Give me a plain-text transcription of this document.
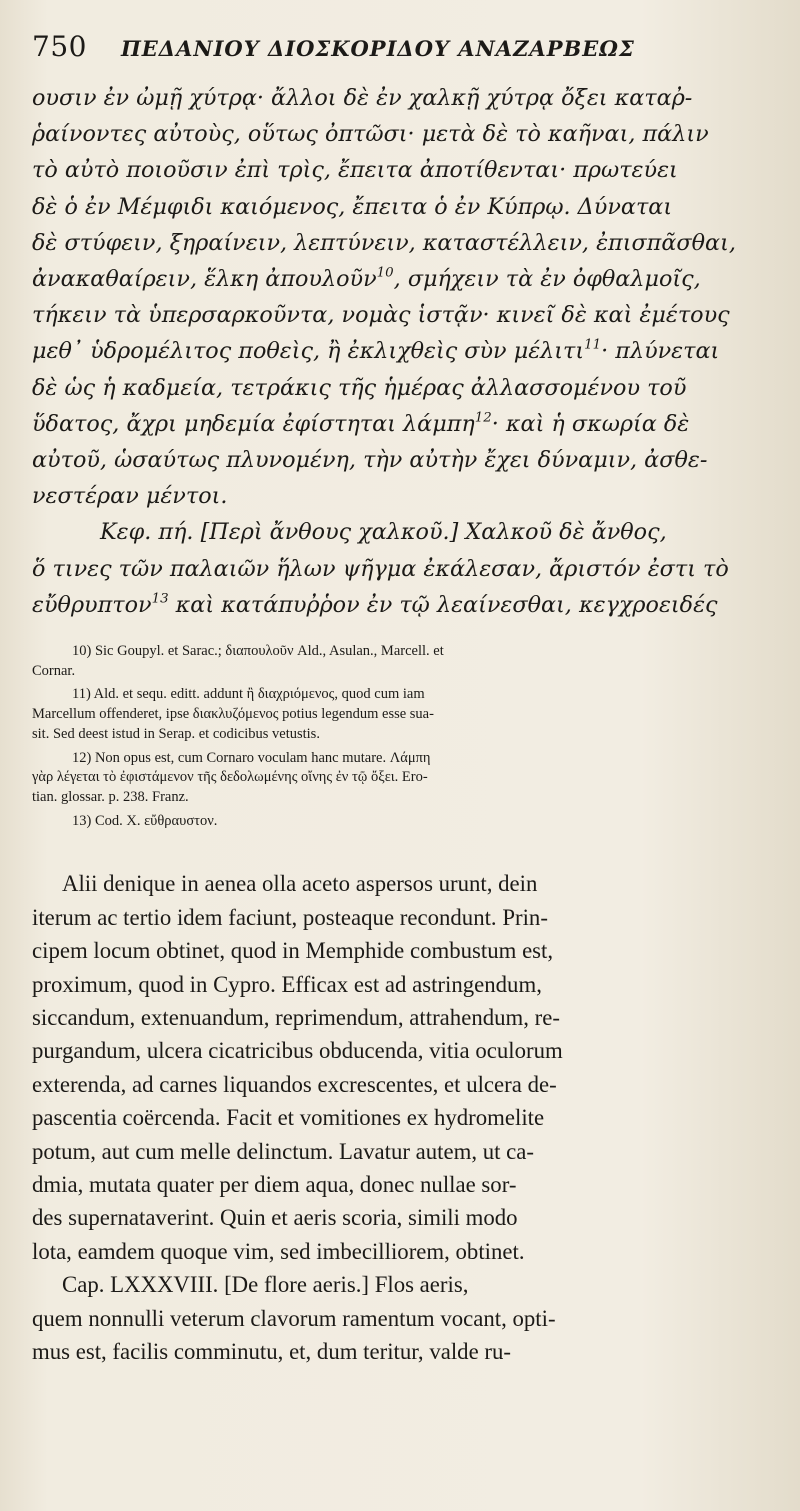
750 ΠΕΔΑΝΙΟΥ ΔΙΟΣΚΟΡΙΔΟΥ ΑΝΑΖΑΡΒΕΩΣ
ουσιν ἐν ὠμῇ χύτρᾳ· ἄλλοι δὲ ἐν χαλκῇ χύτρᾳ ὄξει καταῤ-
ῥαίνοντες αὐτοὺς, οὕτως ὀπτῶσι· μετὰ δὲ τὸ καῆναι, πάλιν
τὸ αὐτὸ ποιοῦσιν ἐπὶ τρὶς, ἔπειτα ἀποτίθενται· πρωτεύει
δὲ ὁ ἐν Μέμφιδι καιόμενος, ἔπειτα ὁ ἐν Κύπρῳ. Δύναται
δὲ στύφειν, ξηραίνειν, λεπτύνειν, καταστέλλειν, ἐπισπᾶσθαι,
ἀνακαθαίρειν, ἕλκη ἀπουλοῦν$^{10}$, σμήχειν τὰ ἐν ὀφθαλμοῖς,
τήκειν τὰ ὑπερσαρκοῦντα, νομὰς ἱστᾷν· κινεῖ δὲ καὶ ἐμέτους
μεθ᾽ ὑδρομέλιτος ποθεὶς, ἢ ἐκλιχθεὶς σὺν μέλιτι$^{11}$· πλύνεται
δὲ ὡς ἡ καδμεία, τετράκις τῆς ἡμέρας ἀλλασσομένου τοῦ
ὕδατος, ἄχρι μηδεμία ἐφίστηται λάμπη$^{12}$· καὶ ἡ σκωρία δὲ
αὐτοῦ, ὡσαύτως πλυνομένη, τὴν αὐτὴν ἔχει δύναμιν, ἀσθε-
νεστέραν μέντοι.
Κεφ. πή. [Περὶ ἄνθους χαλκοῦ.] Χαλκοῦ δὲ ἄνθος,
ὅ τινες τῶν παλαιῶν ἥλων ψῆγμα ἐκάλεσαν, ἄριστόν ἐστι τὸ
εὔθρυπτον$^{13}$ καὶ κατάπυῤῥον ἐν τῷ λεαίνεσθαι, κεγχροειδές
10) Sic Goupyl. et Sarac.; διαπουλοῦν Ald., Asulan., Marcell. et
Cornar.
11) Ald. et sequ. editt. addunt ἢ διαχριόμενος, quod cum iam
Marcellum offenderet, ipse διακλυζόμενος potius legendum esse sua-
sit. Sed deest istud in Serap. et codicibus vetustis.
12) Non opus est, cum Cornaro voculam hanc mutare. Λάμπη
γὰρ λέγεται τὸ ἐφιστάμενον τῆς δεδολωμένης οἴνης ἐν τῷ ὄξει. Ero-
tian. glossar. p. 238. Franz.
13) Cod. X. εὔθραυστον.
Alii denique in aenea olla aceto aspersos urunt, dein
iterum ac tertio idem faciunt, posteaque recondunt. Prin-
cipem locum obtinet, quod in Memphide combustum est,
proximum, quod in Cypro. Efficax est ad astringendum,
siccandum, extenuandum, reprimendum, attrahendum, re-
purgandum, ulcera cicatricibus obducenda, vitia oculorum
exterenda, ad carnes liquandos excrescentes, et ulcera de-
pascentia coërcenda. Facit et vomitiones ex hydromelite
potum, aut cum melle delinctum. Lavatur autem, ut ca-
dmia, mutata quater per diem aqua, donec nullae sor-
des supernataverint. Quin et aeris scoria, simili modo
lota, eamdem quoque vim, sed imbecilliorem, obtinet.
Cap. LXXXVIII. [De flore aeris.] Flos aeris,
quem nonnulli veterum clavorum ramentum vocant, opti-
mus est, facilis comminutu, et, dum teritur, valde ru-
